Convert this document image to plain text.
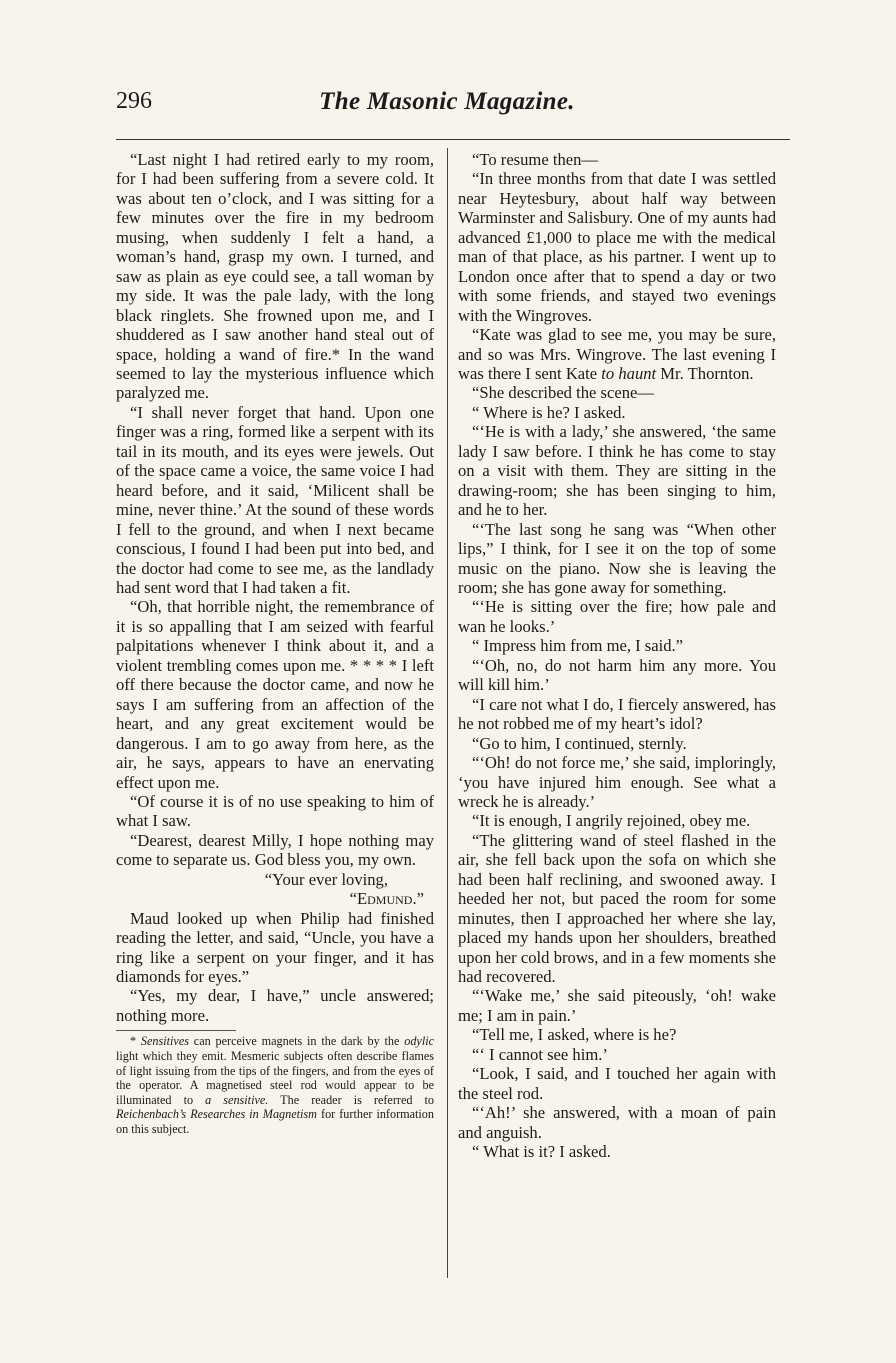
296	The Masonic Magazine.

“Last night I had retired early to my room, for I had been suffering from a severe cold. It was about ten o’clock, and I was sitting for a few minutes over the fire in my bedroom musing, when suddenly I felt a hand, a woman’s hand, grasp my own. I turned, and saw as plain as eye could see, a tall woman by my side. It was the pale lady, with the long black ringlets. She frowned upon me, and I shuddered as I saw another hand steal out of space, holding a wand of fire.* In the wand seemed to lay the mysterious influence which paralyzed me.

“I shall never forget that hand. Upon one finger was a ring, formed like a serpent with its tail in its mouth, and its eyes were jewels. Out of the space came a voice, the same voice I had heard before, and it said, ‘Milicent shall be mine, never thine.’ At the sound of these words I fell to the ground, and when I next became conscious, I found I had been put into bed, and the doctor had come to see me, as the landlady had sent word that I had taken a fit.

“Oh, that horrible night, the remembrance of it is so appalling that I am seized with fearful palpitations whenever I think about it, and a violent trembling comes upon me. * * * * I left off there because the doctor came, and now he says I am suffering from an affection of the heart, and any great excitement would be dangerous. I am to go away from here, as the air, he says, appears to have an enervating effect upon me.

“Of course it is of no use speaking to him of what I saw.

“Dearest, dearest Milly, I hope nothing may come to separate us. God bless you, my own.

“Your ever loving,

“Edmund.”

Maud looked up when Philip had finished reading the letter, and said, “Uncle, you have a ring like a serpent on your finger, and it has diamonds for eyes.”

“Yes, my dear, I have,” uncle answered; nothing more.

* Sensitives can perceive magnets in the dark by the odylic light which they emit. Mesmeric subjects often describe flames of light issuing from the tips of the fingers, and from the eyes of the operator. A magnetised steel rod would appear to be illuminated to a sensitive. The reader is referred to Reichenbach’s Researches in Magnetism for further information on this subject.

“To resume then—

“In three months from that date I was settled near Heytesbury, about half way between Warminster and Salisbury. One of my aunts had advanced £1,000 to place me with the medical man of that place, as his partner. I went up to London once after that to spend a day or two with some friends, and stayed two evenings with the Wingroves.

“Kate was glad to see me, you may be sure, and so was Mrs. Wingrove. The last evening I was there I sent Kate to haunt Mr. Thornton.

“She described the scene—

“ Where is he? I asked.

“‘He is with a lady,’ she answered, ‘the same lady I saw before. I think he has come to stay on a visit with them. They are sitting in the drawing-room; she has been singing to him, and he to her.

“‘The last song he sang was “When other lips,” I think, for I see it on the top of some music on the piano. Now she is leaving the room; she has gone away for something.

“‘He is sitting over the fire; how pale and wan he looks.’

“ Impress him from me, I said.”

“‘Oh, no, do not harm him any more. You will kill him.’

“I care not what I do, I fiercely answered, has he not robbed me of my heart’s idol?

“Go to him, I continued, sternly.

“‘Oh! do not force me,’ she said, imploringly, ‘you have injured him enough. See what a wreck he is already.’

“It is enough, I angrily rejoined, obey me.

“The glittering wand of steel flashed in the air, she fell back upon the sofa on which she had been half reclining, and swooned away. I heeded her not, but paced the room for some minutes, then I approached her where she lay, placed my hands upon her shoulders, breathed upon her cold brows, and in a few moments she had recovered.

“‘Wake me,’ she said piteously, ‘oh! wake me; I am in pain.’

“Tell me, I asked, where is he?

“‘ I cannot see him.’

“Look, I said, and I touched her again with the steel rod.

“‘Ah!’ she answered, with a moan of pain and anguish.

“ What is it? I asked.
